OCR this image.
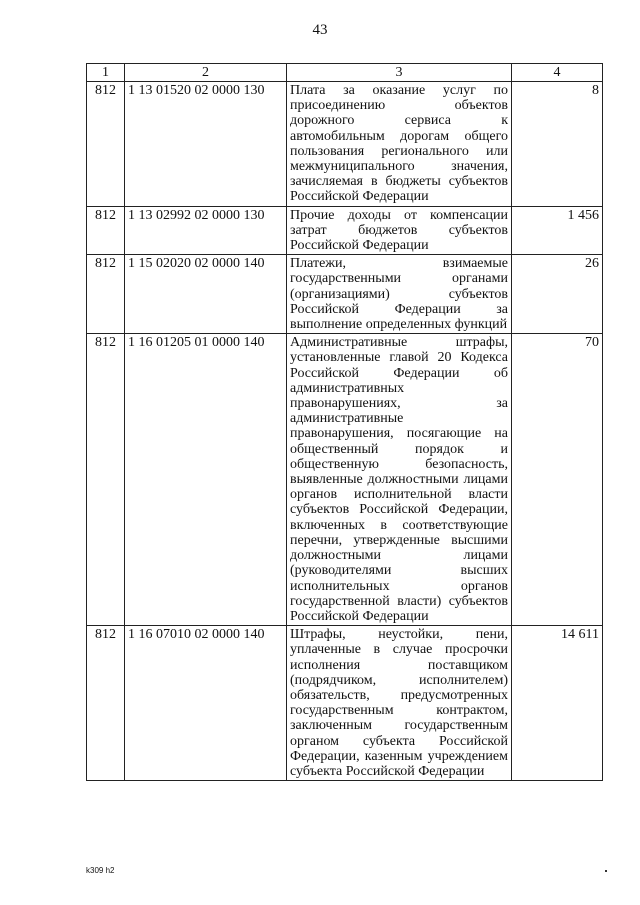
43
1	2	3	4
812	1 13 01520 02 0000 130	Плата за оказание услуг по присоединению объектов дорожного сервиса к автомобильным дорогам общего пользования регионального или межмуниципального значения, зачисляемая в бюджеты субъектов Российской Федерации	8
812	1 13 02992 02 0000 130	Прочие доходы от компенсации затрат бюджетов субъектов Российской Федерации	1 456
812	1 15 02020 02 0000 140	Платежи, взимаемые государственными органами (организациями) субъектов Российской Федерации за выполнение определенных функций	26
812	1 16 01205 01 0000 140	Административные штрафы, установленные главой 20 Кодекса Российской Федерации об административных правонарушениях, за административные правонарушения, посягающие на общественный порядок и общественную безопасность, выявленные должностными лицами органов исполнительной власти субъектов Российской Федерации, включенных в соответствующие перечни, утвержденные высшими должностными лицами (руководителями высших исполнительных органов государственной власти) субъектов Российской Федерации	70
812	1 16 07010 02 0000 140	Штрафы, неустойки, пени, уплаченные в случае просрочки исполнения поставщиком (подрядчиком, исполнителем) обязательств, предусмотренных государственным контрактом, заключенным государственным органом субъекта Российской Федерации, казенным учреждением субъекта Российской Федерации	14 611
k309 h2
